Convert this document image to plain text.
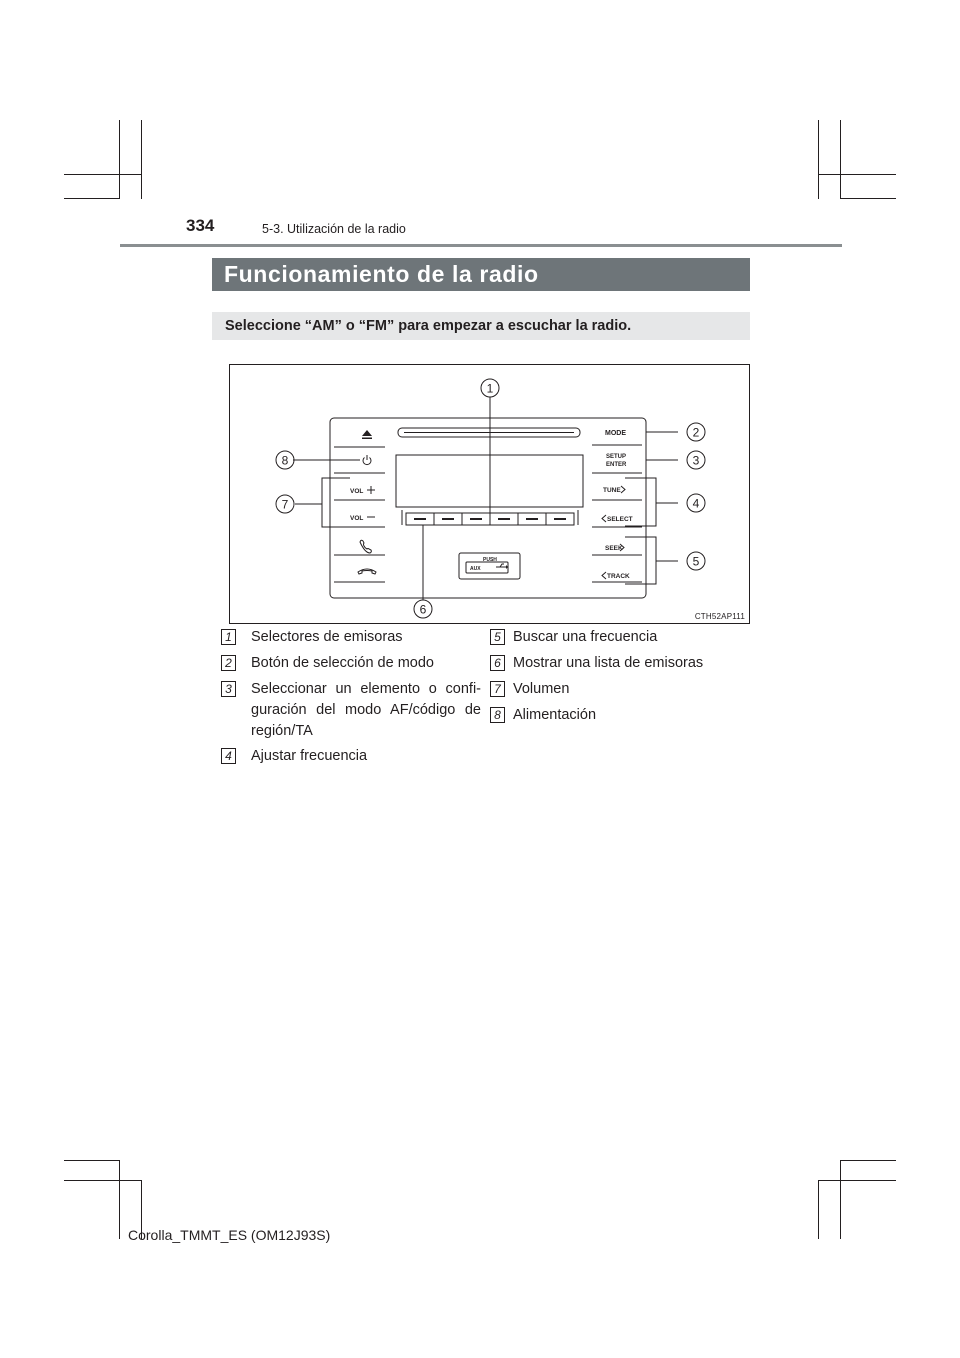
334	5-3. Utilización de la radio
Funcionamiento de la radio
Seleccione “AM” o “FM” para empezar a escuchar la radio.
VOL
VOL
MODE
SETUP
ENTER
TUNE
SELECT
SEEK
TRACK
PUSH
AUX
1
2
3
4
5
6
7
8
CTH52AP111
1 Selectores de emisoras
2 Botón de selección de modo
3 Seleccionar un elemento o confi-guración del modo AF/código de región/TA
4 Ajustar frecuencia
5 Buscar una frecuencia
6 Mostrar una lista de emisoras
7 Volumen
8 Alimentación
Corolla_TMMT_ES (OM12J93S)
